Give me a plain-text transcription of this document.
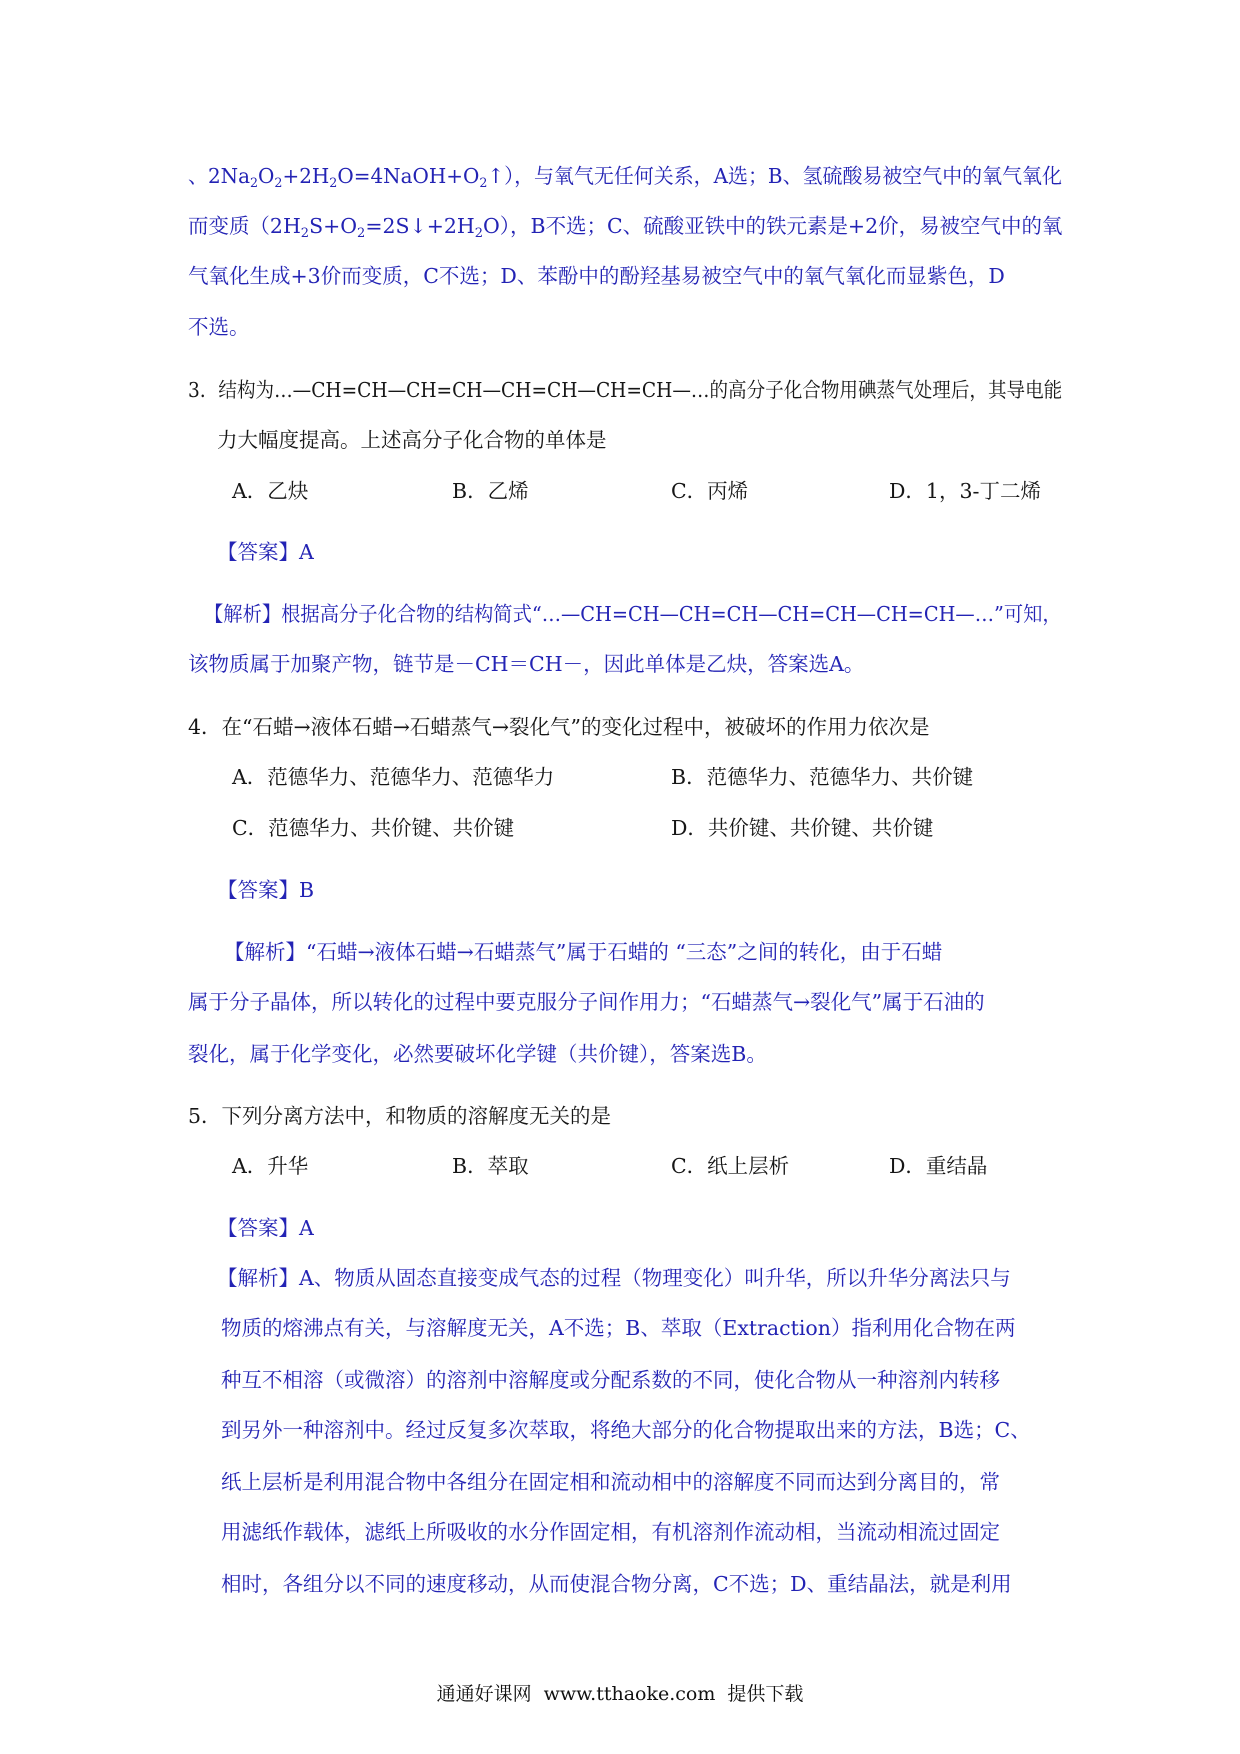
、$2Na_2O_2+2H_2O=4NaOH+O_2↑$），与氧气无任何关系，A选；B、氢硫酸易被空气中的氧气氧化
而变质$(2H_2S+O_2=2S↓+2H_2O)$，B不选；C、硫酸亚铁中的铁元素是+2价，易被空气中的氧
气氧化生成+3价而变质，C不选；D、苯酚中的酚羟基易被空气中的氧气氧化而显紫色，D
不选。
3．结构为…—CH=CH—CH=CH—CH=CH—CH=CH—…的高分子化合物用碘蒸气处理后，其导电能
力大幅度提高。上述高分子化合物的单体是
A．乙炔	B．乙烯	C．丙烯	D．1，3-丁二烯
【答案】A
【解析】根据高分子化合物的结构简式“…—CH=CH—CH=CH—CH=CH—CH=CH—…”可知，
该物质属于加聚产物，链节是－CH＝CH－，因此单体是乙炔，答案选A。
4．在“石蜡→液体石蜡→石蜡蒸气→裂化气”的变化过程中，被破坏的作用力依次是
A．范德华力、范德华力、范德华力	B．范德华力、范德华力、共价键
C．范德华力、共价键、共价键	D．共价键、共价键、共价键
【答案】B
【解析】“石蜡→液体石蜡→石蜡蒸气”属于石蜡的 “三态”之间的转化，由于石蜡
属于分子晶体，所以转化的过程中要克服分子间作用力；“石蜡蒸气→裂化气”属于石油的
裂化，属于化学变化，必然要破坏化学键（共价键），答案选B。
5．下列分离方法中，和物质的溶解度无关的是
A．升华	B．萃取	C．纸上层析	D．重结晶
【答案】A
【解析】A、物质从固态直接变成气态的过程（物理变化）叫升华，所以升华分离法只与
物质的熔沸点有关，与溶解度无关，A不选；B、萃取（Extraction）指利用化合物在两
种互不相溶（或微溶）的溶剂中溶解度或分配系数的不同，使化合物从一种溶剂内转移
到另外一种溶剂中。经过反复多次萃取，将绝大部分的化合物提取出来的方法，B选；C、
纸上层析是利用混合物中各组分在固定相和流动相中的溶解度不同而达到分离目的，常
用滤纸作载体，滤纸上所吸收的水分作固定相，有机溶剂作流动相，当流动相流过固定
相时，各组分以不同的速度移动，从而使混合物分离，C不选；D、重结晶法，就是利用
通通好课网 www.tthaoke.com 提供下载
